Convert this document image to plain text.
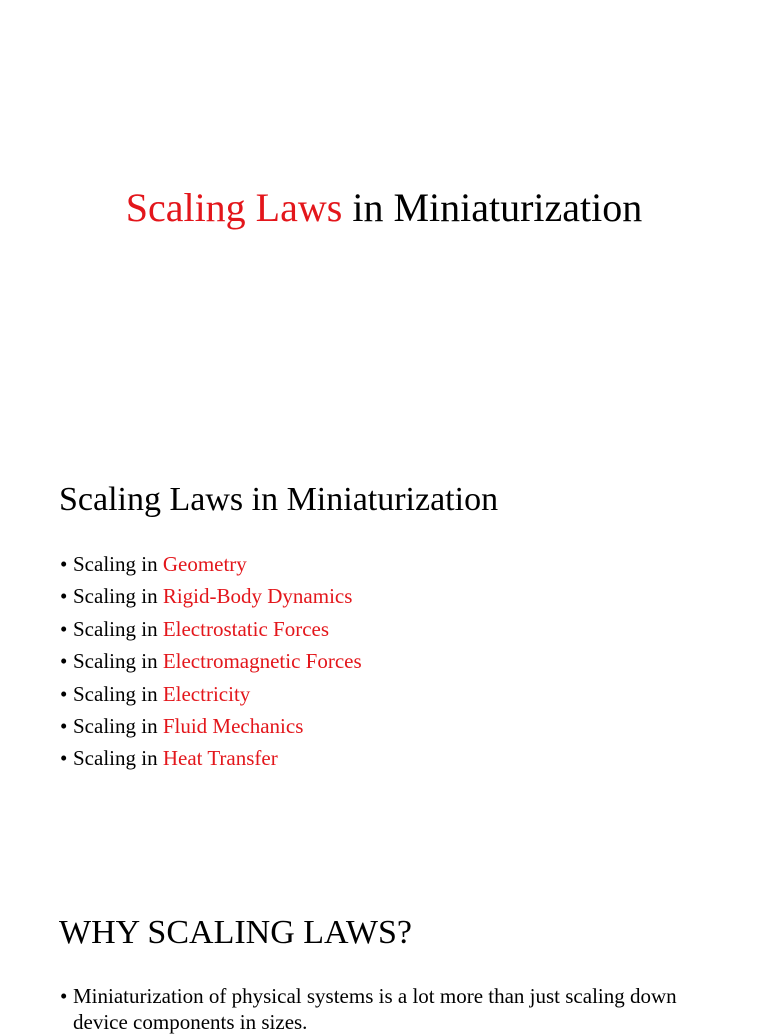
Scaling Laws in Miniaturization
Scaling Laws in Miniaturization
• Scaling in Geometry
• Scaling in Rigid-Body Dynamics
• Scaling in Electrostatic Forces
• Scaling in Electromagnetic Forces
• Scaling in Electricity
• Scaling in Fluid Mechanics
• Scaling in Heat Transfer
WHY SCALING LAWS?
• Miniaturization of physical systems is a lot more than just scaling down device components in sizes.
